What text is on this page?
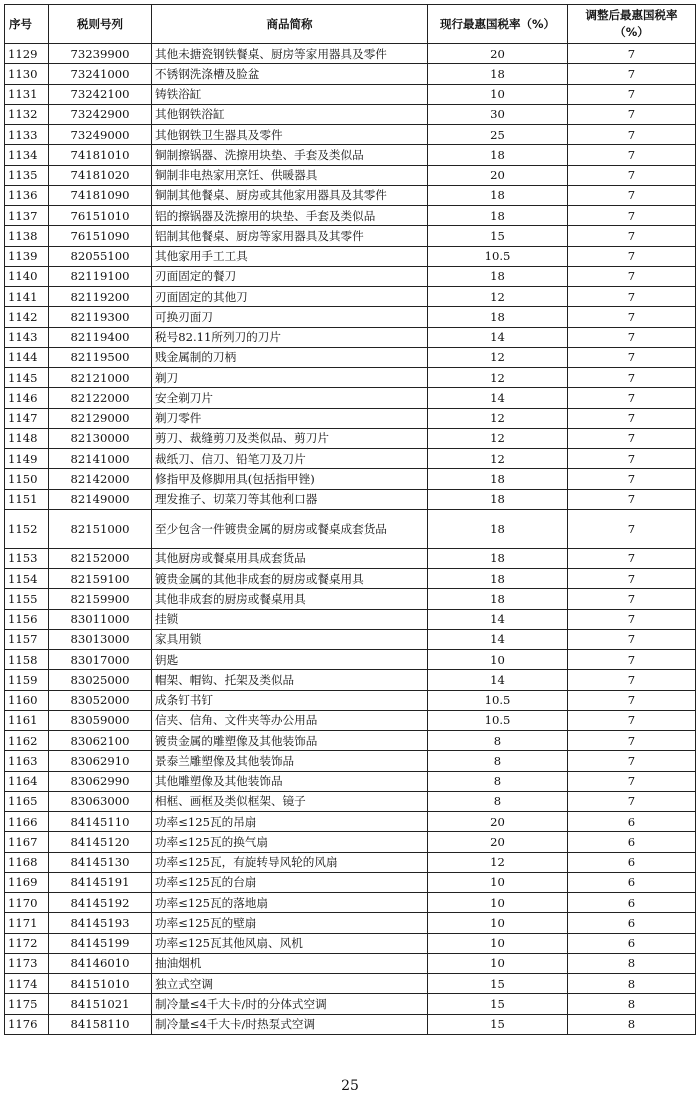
序号	税则号列	商品简称	现行最惠国税率（%）	调整后最惠国税率
（%）
1129	73239900	其他未搪瓷钢铁餐桌、厨房等家用器具及零件	20	7
1130	73241000	不锈钢洗涤槽及脸盆	18	7
1131	73242100	铸铁浴缸	10	7
1132	73242900	其他钢铁浴缸	30	7
1133	73249000	其他钢铁卫生器具及零件	25	7
1134	74181010	铜制擦锅器、洗擦用块垫、手套及类似品	18	7
1135	74181020	铜制非电热家用烹饪、供暖器具	20	7
1136	74181090	铜制其他餐桌、厨房或其他家用器具及其零件	18	7
1137	76151010	铝的擦锅器及洗擦用的块垫、手套及类似品	18	7
1138	76151090	铝制其他餐桌、厨房等家用器具及其零件	15	7
1139	82055100	其他家用手工工具	10.5	7
1140	82119100	刃面固定的餐刀	18	7
1141	82119200	刃面固定的其他刀	12	7
1142	82119300	可换刃面刀	18	7
1143	82119400	税号82.11所列刀的刀片	14	7
1144	82119500	贱金属制的刀柄	12	7
1145	82121000	剃刀	12	7
1146	82122000	安全剃刀片	14	7
1147	82129000	剃刀零件	12	7
1148	82130000	剪刀、裁缝剪刀及类似品、剪刀片	12	7
1149	82141000	裁纸刀、信刀、铅笔刀及刀片	12	7
1150	82142000	修指甲及修脚用具(包括指甲锉)	18	7
1151	82149000	理发推子、切菜刀等其他利口器	18	7
1152	82151000	至少包含一件镀贵金属的厨房或餐桌成套货品	18	7
1153	82152000	其他厨房或餐桌用具成套货品	18	7
1154	82159100	镀贵金属的其他非成套的厨房或餐桌用具	18	7
1155	82159900	其他非成套的厨房或餐桌用具	18	7
1156	83011000	挂锁	14	7
1157	83013000	家具用锁	14	7
1158	83017000	钥匙	10	7
1159	83025000	帽架、帽钩、托架及类似品	14	7
1160	83052000	成条钉书钉	10.5	7
1161	83059000	信夹、信角、文件夹等办公用品	10.5	7
1162	83062100	镀贵金属的雕塑像及其他装饰品	8	7
1163	83062910	景泰兰雕塑像及其他装饰品	8	7
1164	83062990	其他雕塑像及其他装饰品	8	7
1165	83063000	相框、画框及类似框架、镜子	8	7
1166	84145110	功率≤125瓦的吊扇	20	6
1167	84145120	功率≤125瓦的换气扇	20	6
1168	84145130	功率≤125瓦，有旋转导风轮的风扇	12	6
1169	84145191	功率≤125瓦的台扇	10	6
1170	84145192	功率≤125瓦的落地扇	10	6
1171	84145193	功率≤125瓦的壁扇	10	6
1172	84145199	功率≤125瓦其他风扇、风机	10	6
1173	84146010	抽油烟机	10	8
1174	84151010	独立式空调	15	8
1175	84151021	制冷量≤4千大卡/时的分体式空调	15	8
1176	84158110	制冷量≤4千大卡/时热泵式空调	15	8
25
